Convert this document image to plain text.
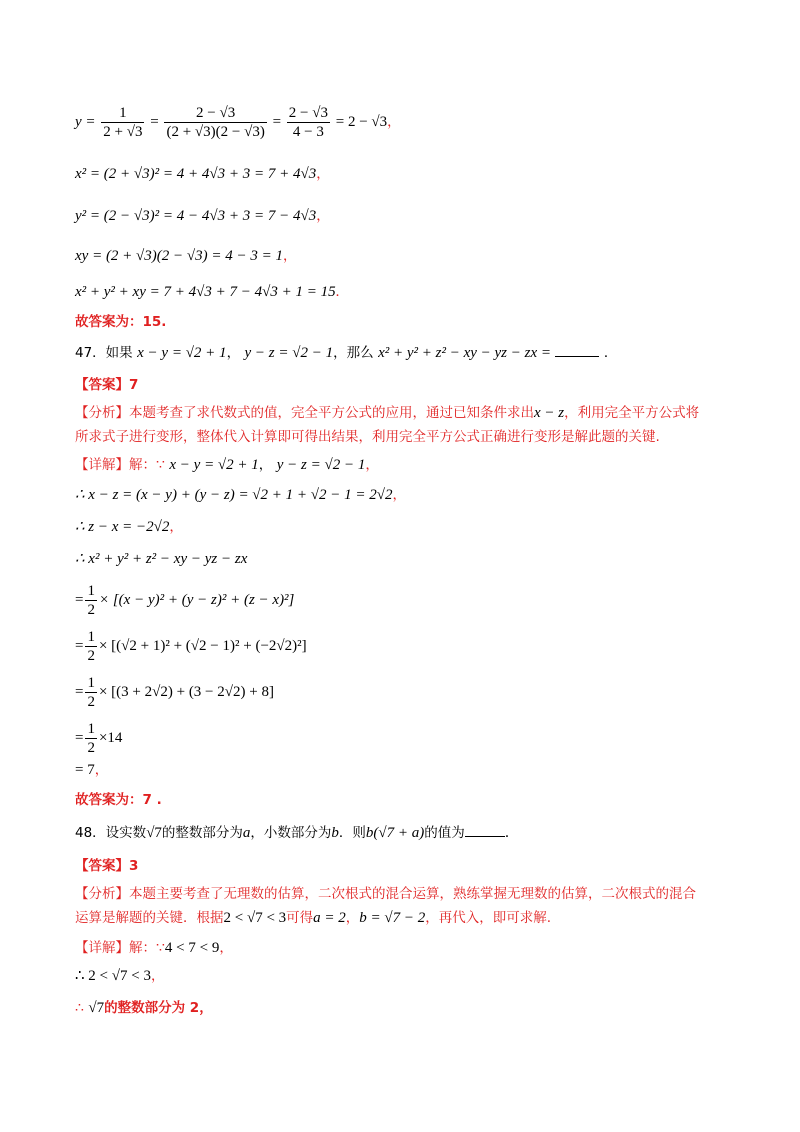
$y = \frac{1}{2 + √3} = \frac{2 - √3}{(2 + √3)(2 - √3)} = \frac{2 - √3}{4 - 3} = 2 - √3$，
x² = (2 + √3)² = 4 + 4√3 + 3 = 7 + 4√3，
y² = (2 − √3)² = 4 − 4√3 + 3 = 7 − 4√3，
xy = (2 + √3)(2 − √3) = 4 − 3 = 1，
x² + y² + xy = 7 + 4√3 + 7 − 4√3 + 1 = 15.
故答案为：15.
47．如果 x − y = √2 + 1， y − z = √2 − 1，那么 x² + y² + z² − xy − yz − zx =	．
【答案】7
【分析】本题考查了求代数式的值，完全平方公式的应用，通过已知条件求出x − z，利用完全平方公式将
所求式子进行变形，整体代入计算即可得出结果，利用完全平方公式正确进行变形是解此题的关键.
【详解】解：∵ x − y = √2 + 1， y − z = √2 − 1，
∴ x − z = (x − y) + (y − z) = √2 + 1 + √2 − 1 = 2√2，
∴ z − x = −2√2，
∴ x² + y² + z² − xy − yz − zx
= $\frac{1}{2} \times [(x - y)^2 + (y - z)^2 + (z - x)^2]$
= $\frac{1}{2} \times [(√2 + 1)^2 + (√2 - 1)^2 + (-2√2)^2]$
= $\frac{1}{2} \times [(3 + 2√2) + (3 - 2√2) + 8]$
= $\frac{1}{2} \times 14$
= 7，
故答案为：7 .
48．设实数√7的整数部分为a，小数部分为b．则b(√7 + a)的值为	.
【答案】3
【分析】本题主要考查了无理数的估算，二次根式的混合运算，熟练掌握无理数的估算，二次根式的混合
运算是解题的关键．根据2 < √7 < 3可得a = 2，b = √7 − 2，再代入，即可求解.
【详解】解：∵4 < 7 < 9，
∴ 2 < √7 < 3，
∴ √7的整数部分为 2，
